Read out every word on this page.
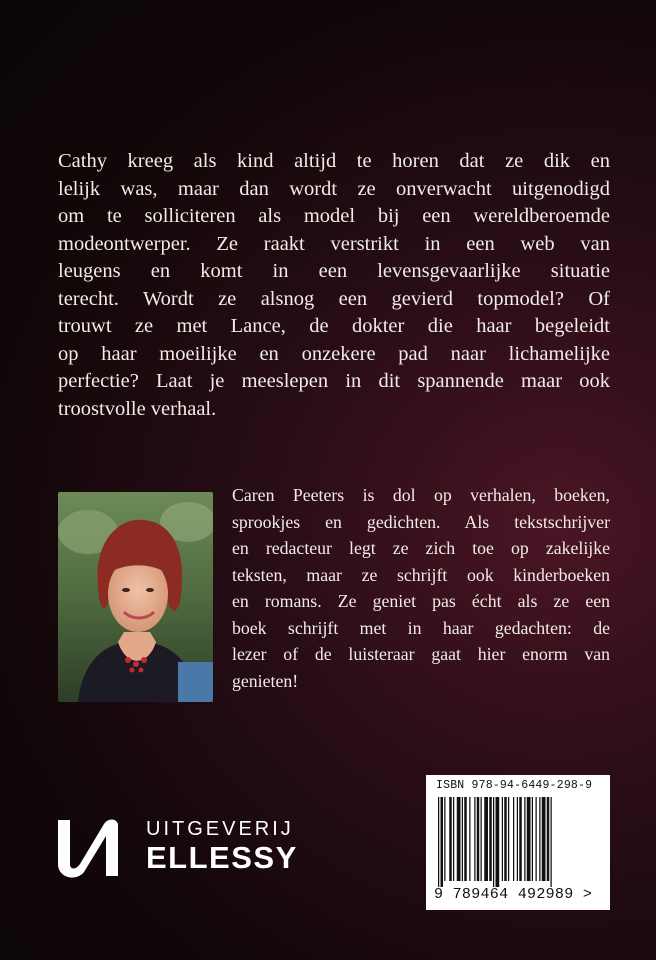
Cathy kreeg als kind altijd te horen dat ze dik en

lelijk was, maar dan wordt ze onverwacht uitgenodigd

om te solliciteren als model bij een wereldberoemde

modeontwerper. Ze raakt verstrikt in een web van

leugens en komt in een levensgevaarlijke situatie

terecht. Wordt ze alsnog een gevierd topmodel? Of

trouwt ze met Lance, de dokter die haar begeleidt

op haar moeilijke en onzekere pad naar lichamelijke

perfectie? Laat je meeslepen in dit spannende maar ook

troostvolle verhaal.

Caren Peeters is dol op verhalen, boeken,
sprookjes en gedichten. Als tekstschrijver
en redacteur legt ze zich toe op zakelijke
teksten, maar ze schrijft ook kinderboeken
en romans. Ze geniet pas écht als ze een
boek schrijft met in haar gedachten: de
lezer of de luisteraar gaat hier enorm van
genieten!
UITGEVERIJ
ELLESSY
ISBN 978-94-6449-298-9
9 789464 492989 >
